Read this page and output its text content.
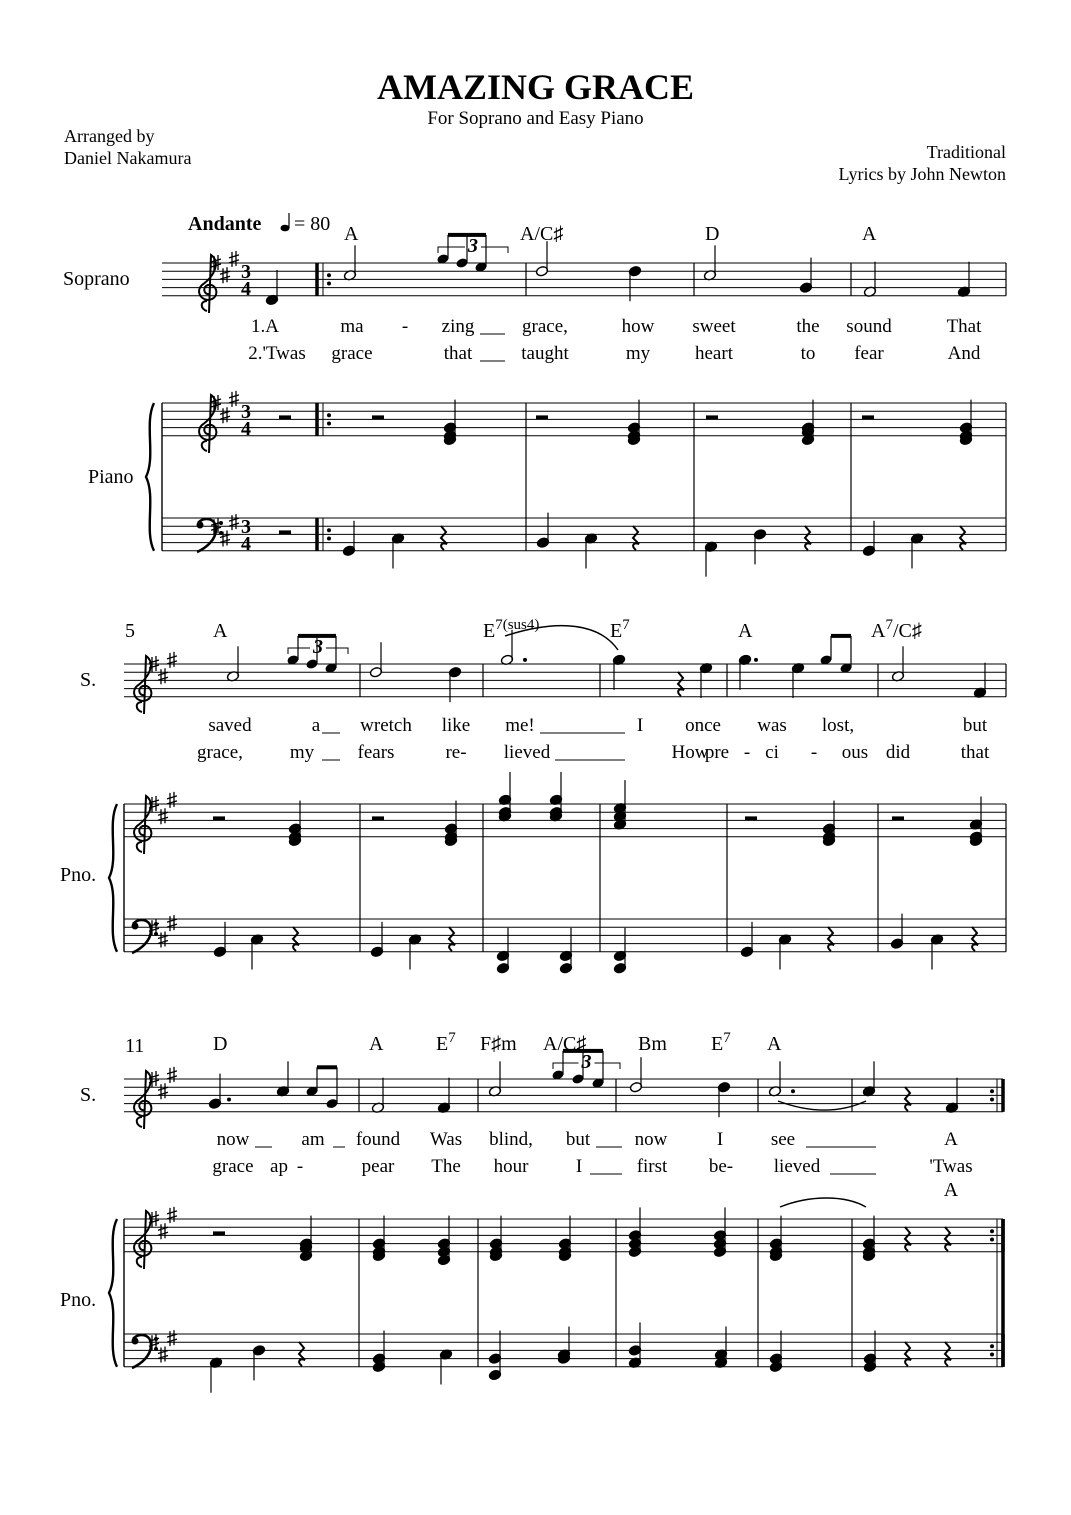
AMAZING GRACE
For Soprano and Easy Piano
Arranged by
Daniel Nakamura	Traditional
Lyrics by John Newton
Andante = 80
Soprano
Piano
3
4
3
4
3
4
3
A	A/C♯	D	A
1.A	ma - zing	grace,	how sweet	the sound	That
2.'Twas grace	that	taught	my heart	to fear	And
5
S.
Pno.
3
A	$E^{7(sus4)}$	$E^7$	A	$A^7/C♯$
saved	a wretch like me!	I once was lost,	but
grace, my fears	re- lieved	How
pre - ci - ous did	that
11
S.
Pno.
3
D	A	$E^7$ F♯m A/C♯	Bm $E^7$ A
now	am found Was blind, but now	I	see	A
grace ap -	pear The hour I	first be- lieved	'Twas
A
